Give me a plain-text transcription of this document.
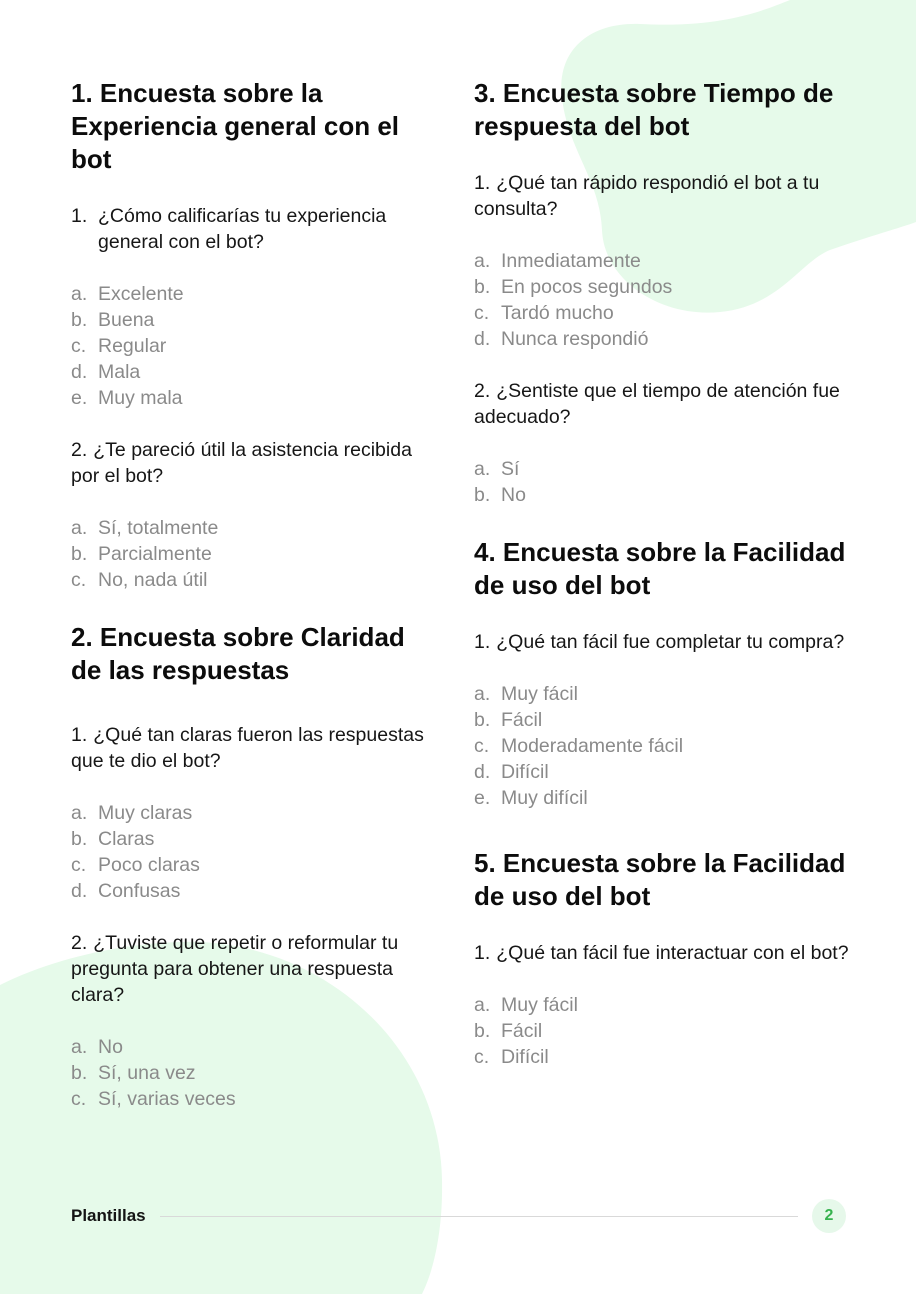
1. Encuesta sobre la Experiencia general con el bot
1. ¿Cómo calificarías tu experiencia general con el bot?
a. Excelente
b. Buena
c. Regular
d. Mala
e. Muy mala
2. ¿Te pareció útil la asistencia recibida por el bot?
a. Sí, totalmente
b. Parcialmente
c. No, nada útil
2. Encuesta sobre Claridad de las respuestas
1. ¿Qué tan claras fueron las respuestas que te dio el bot?
a. Muy claras
b. Claras
c. Poco claras
d. Confusas
2. ¿Tuviste que repetir o reformular tu pregunta para obtener una respuesta clara?
a. No
b. Sí, una vez
c. Sí, varias veces
3. Encuesta sobre Tiempo de respuesta del bot
1. ¿Qué tan rápido respondió el bot a tu consulta?
a. Inmediatamente
b. En pocos segundos
c. Tardó mucho
d. Nunca respondió
2. ¿Sentiste que el tiempo de atención fue adecuado?
a. Sí
b. No
4. Encuesta sobre la Facilidad de uso del bot
1. ¿Qué tan fácil fue completar tu compra?
a. Muy fácil
b. Fácil
c. Moderadamente fácil
d. Difícil
e. Muy difícil
5. Encuesta sobre la Facilidad de uso del bot
1. ¿Qué tan fácil fue interactuar con el bot?
a. Muy fácil
b. Fácil
c. Difícil
Plantillas	2
